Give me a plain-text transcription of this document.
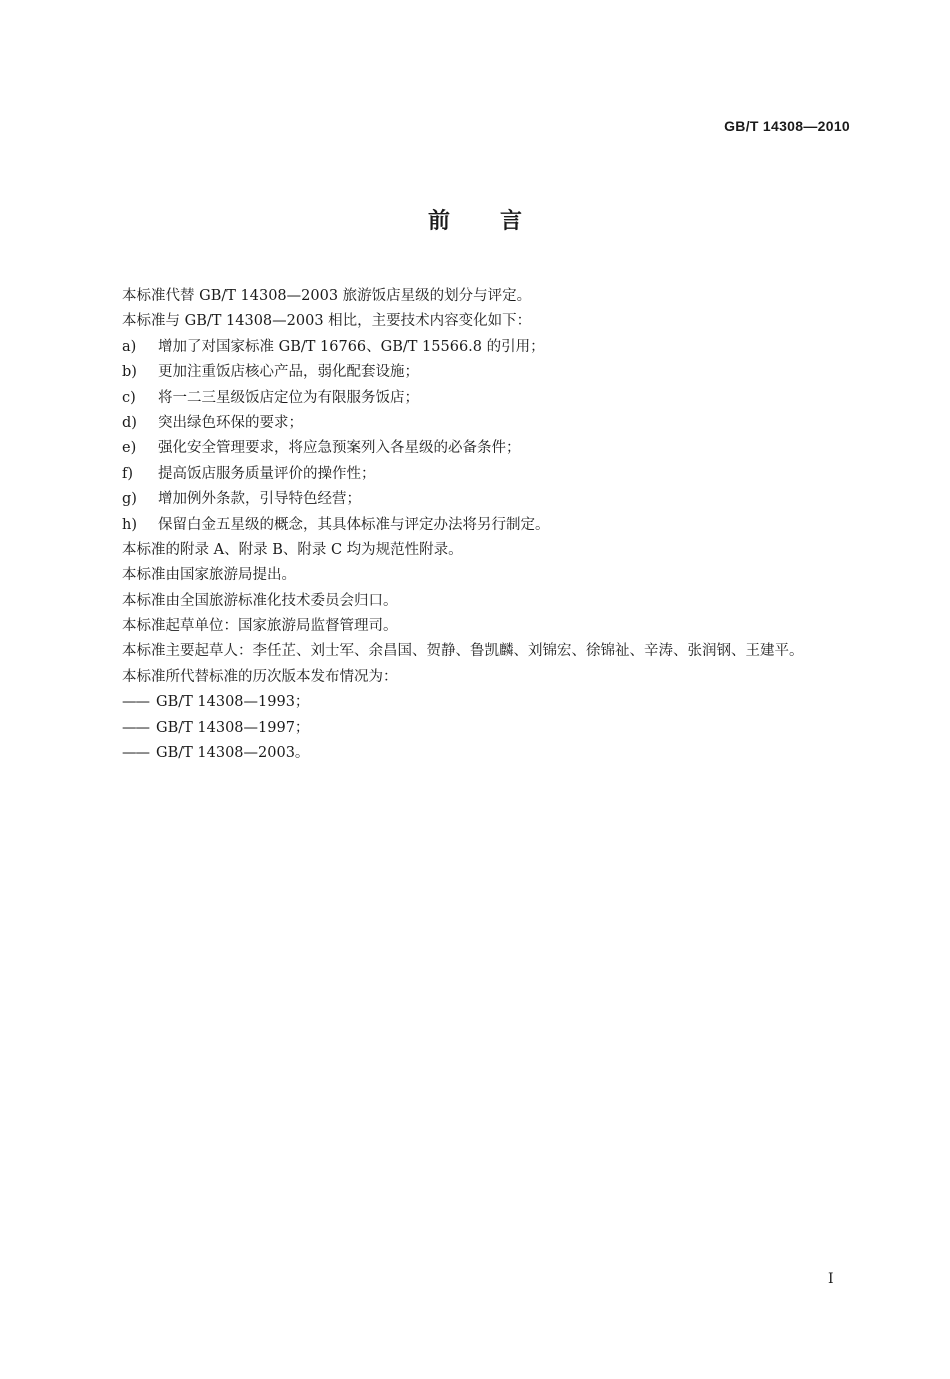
GB/T 14308—2010
前言
本标准代替 GB/T 14308—2003 旅游饭店星级的划分与评定。
本标准与 GB/T 14308—2003 相比，主要技术内容变化如下：
a)	增加了对国家标准 GB/T 16766、GB/T 15566.8 的引用；
b)	更加注重饭店核心产品，弱化配套设施；
c)	将一二三星级饭店定位为有限服务饭店；
d)	突出绿色环保的要求；
e)	强化安全管理要求，将应急预案列入各星级的必备条件；
f)	提高饭店服务质量评价的操作性；
g)	增加例外条款，引导特色经营；
h)	保留白金五星级的概念，其具体标准与评定办法将另行制定。
本标准的附录 A、附录 B、附录 C 均为规范性附录。
本标准由国家旅游局提出。
本标准由全国旅游标准化技术委员会归口。
本标准起草单位：国家旅游局监督管理司。
本标准主要起草人：李任芷、刘士军、余昌国、贺静、鲁凯麟、刘锦宏、徐锦祉、辛涛、张润钢、王建平。
本标准所代替标准的历次版本发布情况为：
—— GB/T 14308—1993；
—— GB/T 14308—1997；
—— GB/T 14308—2003。
I
